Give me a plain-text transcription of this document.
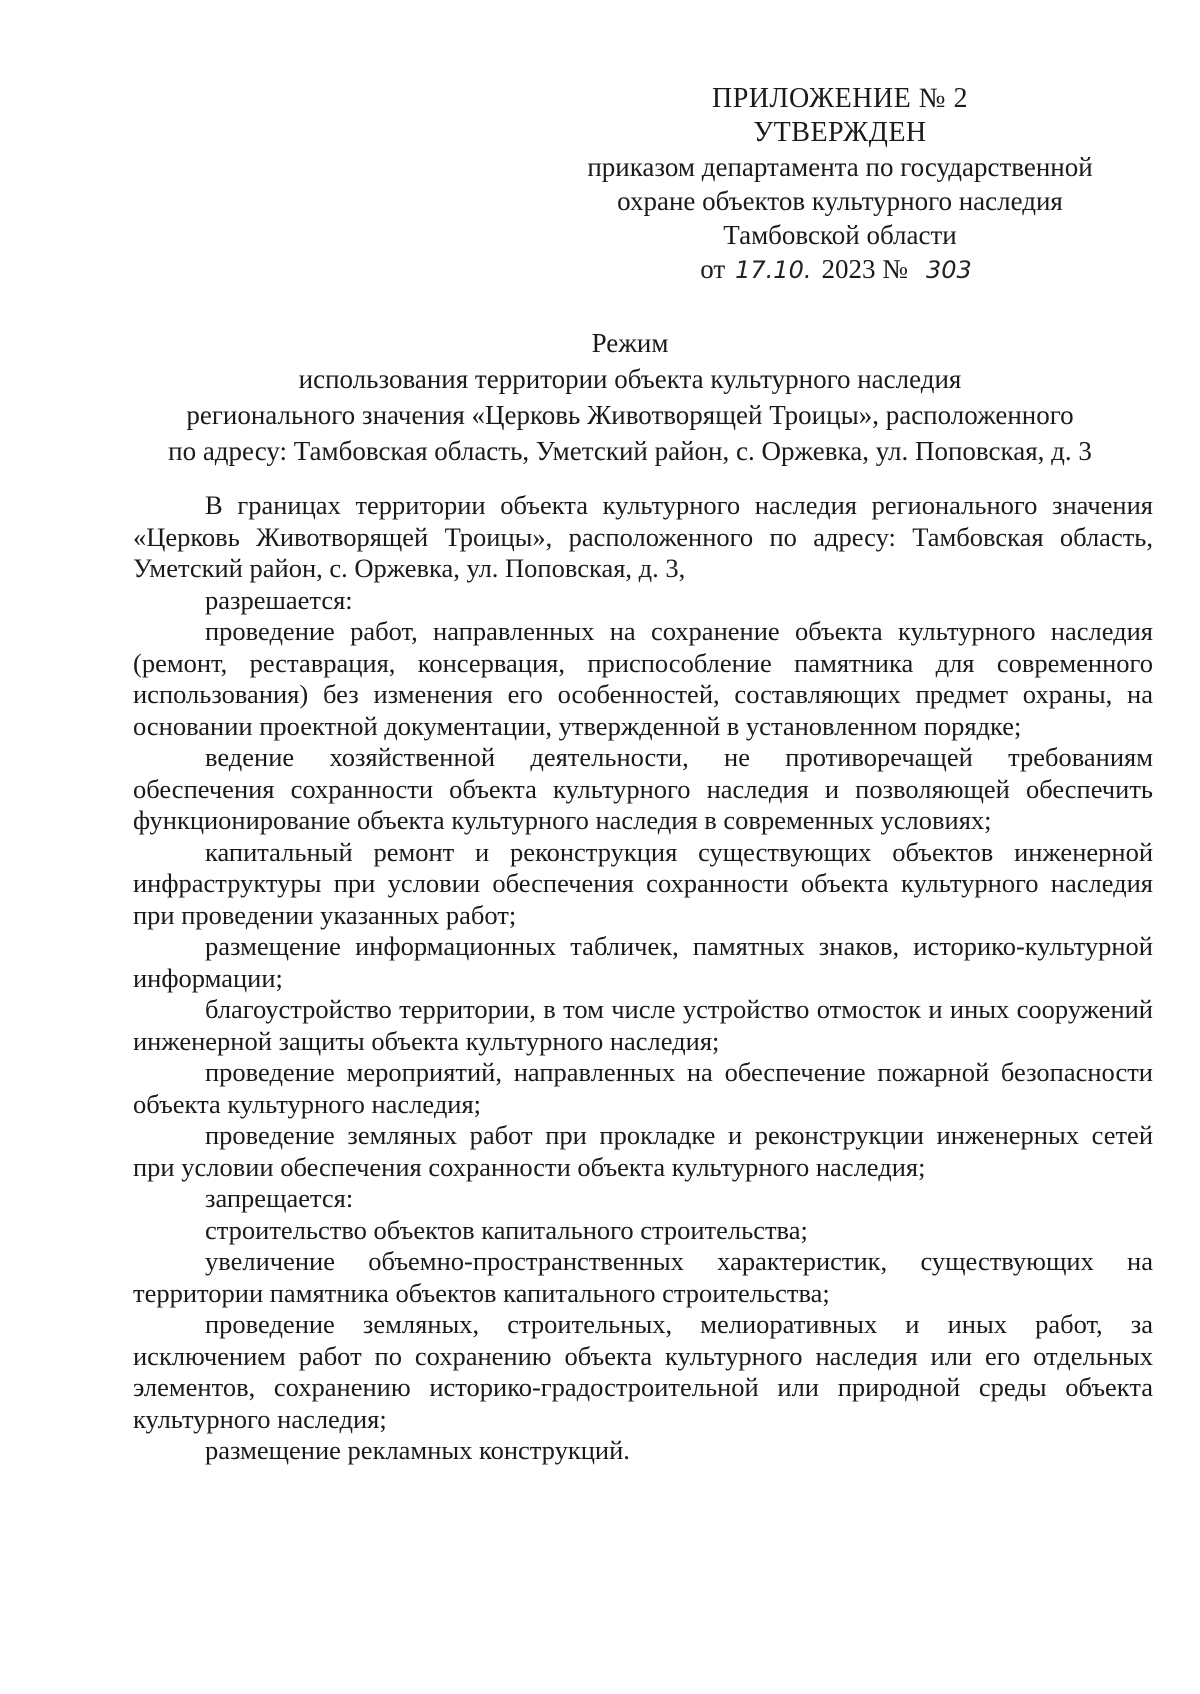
ПРИЛОЖЕНИЕ № 2
УТВЕРЖДЕН
приказом департамента по государственной
охране объектов культурного наследия
Тамбовской области
от 17.10. 2023 № 303
Режим
использования территории объекта культурного наследия
регионального значения «Церковь Животворящей Троицы», расположенного
по адресу: Тамбовская область, Уметский район, с. Оржевка, ул. Поповская, д. 3

В границах территории объекта культурного наследия регионального значения «Церковь Животворящей Троицы», расположенного по адресу: Тамбовская область, Уметский район, с. Оржевка, ул. Поповская, д. 3,

разрешается:

проведение работ, направленных на сохранение объекта культурного наследия (ремонт, реставрация, консервация, приспособление памятника для современного использования) без изменения его особенностей, составляющих предмет охраны, на основании проектной документации, утвержденной в установленном порядке;

ведение хозяйственной деятельности, не противоречащей требованиям обеспечения сохранности объекта культурного наследия и позволяющей обеспечить функционирование объекта культурного наследия в современных условиях;

капитальный ремонт и реконструкция существующих объектов инженерной инфраструктуры при условии обеспечения сохранности объекта культурного наследия при проведении указанных работ;

размещение информационных табличек, памятных знаков, историко-культурной информации;

благоустройство территории, в том числе устройство отмосток и иных сооружений инженерной защиты объекта культурного наследия;

проведение мероприятий, направленных на обеспечение пожарной безопасности объекта культурного наследия;

проведение земляных работ при прокладке и реконструкции инженерных сетей при условии обеспечения сохранности объекта культурного наследия;

запрещается:

строительство объектов капитального строительства;

увеличение объемно-пространственных характеристик, существующих на территории памятника объектов капитального строительства;

проведение земляных, строительных, мелиоративных и иных работ, за исключением работ по сохранению объекта культурного наследия или его отдельных элементов, сохранению историко-градостроительной или природной среды объекта культурного наследия;

размещение рекламных конструкций.
